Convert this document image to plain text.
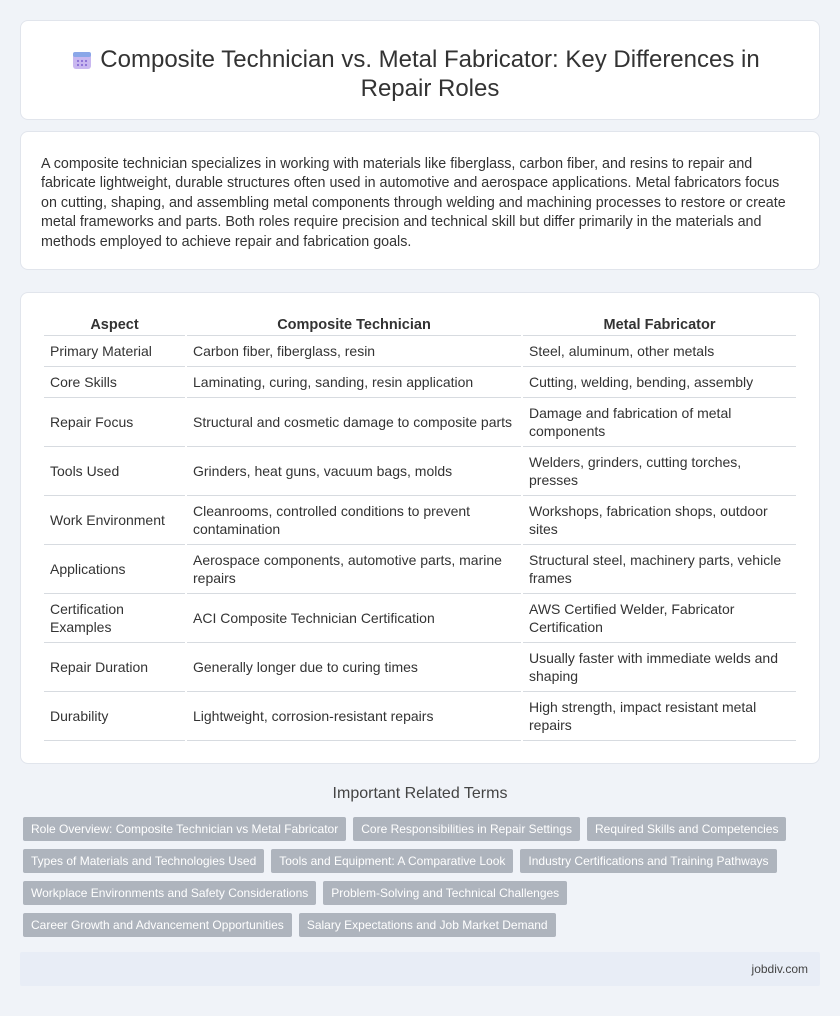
Composite Technician vs. Metal Fabricator: Key Differences in Repair Roles

A composite technician specializes in working with materials like fiberglass, carbon fiber, and resins to repair and fabricate lightweight, durable structures often used in automotive and aerospace applications. Metal fabricators focus on cutting, shaping, and assembling metal components through welding and machining processes to restore or create metal frameworks and parts. Both roles require precision and technical skill but differ primarily in the materials and methods employed to achieve repair and fabrication goals.

Aspect	Composite Technician	Metal Fabricator
Primary Material	Carbon fiber, fiberglass, resin	Steel, aluminum, other metals
Core Skills	Laminating, curing, sanding, resin application	Cutting, welding, bending, assembly
Repair Focus	Structural and cosmetic damage to composite parts	Damage and fabrication of metal components
Tools Used	Grinders, heat guns, vacuum bags, molds	Welders, grinders, cutting torches, presses
Work Environment	Cleanrooms, controlled conditions to prevent contamination	Workshops, fabrication shops, outdoor sites
Applications	Aerospace components, automotive parts, marine repairs	Structural steel, machinery parts, vehicle frames
Certification Examples	ACI Composite Technician Certification	AWS Certified Welder, Fabricator Certification
Repair Duration	Generally longer due to curing times	Usually faster with immediate welds and shaping
Durability	Lightweight, corrosion-resistant repairs	High strength, impact resistant metal repairs
Important Related Terms
Role Overview: Composite Technician vs Metal Fabricator	Core Responsibilities in Repair Settings	Required Skills and Competencies
Types of Materials and Technologies Used	Tools and Equipment: A Comparative Look	Industry Certifications and Training Pathways
Workplace Environments and Safety Considerations	Problem-Solving and Technical Challenges
Career Growth and Advancement Opportunities	Salary Expectations and Job Market Demand
jobdiv.com
